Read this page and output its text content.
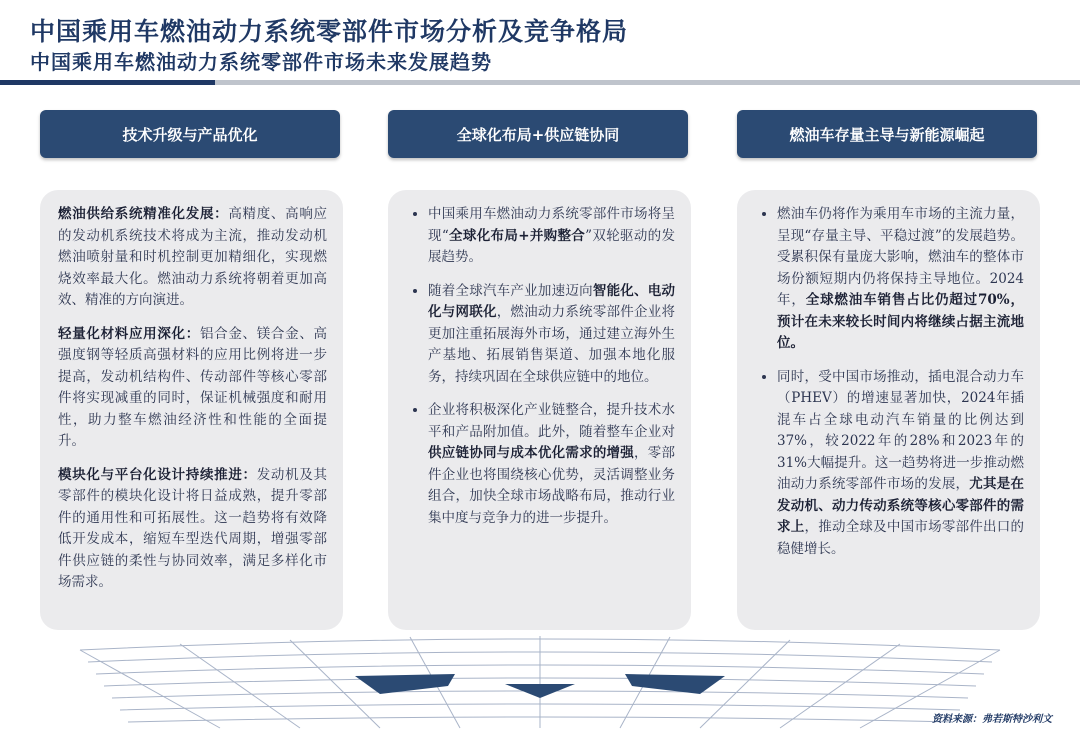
中国乘用车燃油动力系统零部件市场分析及竞争格局
中国乘用车燃油动力系统零部件市场未来发展趋势
技术升级与产品优化

燃油供给系统精准化发展：高精度、高响应的发动机系统技术将成为主流，推动发动机燃油喷射量和时机控制更加精细化，实现燃烧效率最大化。燃油动力系统将朝着更加高效、精准的方向演进。

轻量化材料应用深化：铝合金、镁合金、高强度钢等轻质高强材料的应用比例将进一步提高，发动机结构件、传动部件等核心零部件将实现减重的同时，保证机械强度和耐用性，助力整车燃油经济性和性能的全面提升。

模块化与平台化设计持续推进：发动机及其零部件的模块化设计将日益成熟，提升零部件的通用性和可拓展性。这一趋势将有效降低开发成本，缩短车型迭代周期，增强零部件供应链的柔性与协同效率，满足多样化市场需求。

全球化布局+供应链协同
• 中国乘用车燃油动力系统零部件市场将呈现“全球化布局+并购整合”双轮驱动的发展趋势。
• 随着全球汽车产业加速迈向智能化、电动化与网联化，燃油动力系统零部件企业将更加注重拓展海外市场，通过建立海外生产基地、拓展销售渠道、加强本地化服务，持续巩固在全球供应链中的地位。
• 企业将积极深化产业链整合，提升技术水平和产品附加值。此外，随着整车企业对供应链协同与成本优化需求的增强，零部件企业也将围绕核心优势，灵活调整业务组合，加快全球市场战略布局，推动行业集中度与竞争力的进一步提升。
燃油车存量主导与新能源崛起
• 燃油车仍将作为乘用车市场的主流力量，呈现“存量主导、平稳过渡”的发展趋势。受累积保有量庞大影响，燃油车的整体市场份额短期内仍将保持主导地位。2024年，全球燃油车销售占比仍超过70%，预计在未来较长时间内将继续占据主流地位。
• 同时，受中国市场推动，插电混合动力车（PHEV）的增速显著加快，2024年插混车占全球电动汽车销量的比例达到37%，较2022年的28%和2023年的31%大幅提升。这一趋势将进一步推动燃油动力系统零部件市场的发展，尤其是在发动机、动力传动系统等核心零部件的需求上，推动全球及中国市场零部件出口的稳健增长。
资料来源：弗若斯特沙利文
